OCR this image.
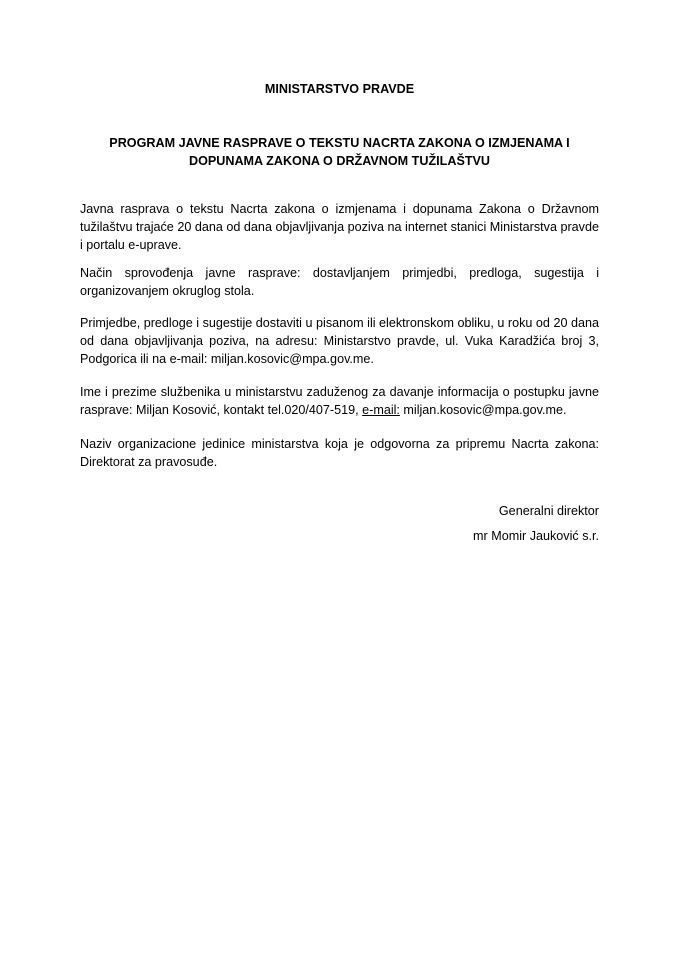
MINISTARSTVO PRAVDE
PROGRAM JAVNE RASPRAVE O TEKSTU NACRTA ZAKONA O IZMJENAMA I DOPUNAMA ZAKONA O DRŽAVNOM TUŽILAŠTVU

Javna rasprava o tekstu Nacrta zakona o izmjenama i dopunama Zakona o Državnom tužilaštvu trajaće 20 dana od dana objavljivanja poziva na internet stanici Ministarstva pravde i portalu e-uprave.

Način sprovođenja javne rasprave: dostavljanjem primjedbi, predloga, sugestija i organizovanjem okruglog stola.

Primjedbe, predloge i sugestije dostaviti u pisanom ili elektronskom obliku, u roku od 20 dana od dana objavljivanja poziva, na adresu: Ministarstvo pravde, ul. Vuka Karadžića broj 3, Podgorica ili na e-mail: miljan.kosovic@mpa.gov.me.

Ime i prezime službenika u ministarstvu zaduženog za davanje informacija o postupku javne rasprave: Miljan Kosović, kontakt tel.020/407-519, e-mail: miljan.kosovic@mpa.gov.me.

Naziv organizacione jedinice ministarstva koja je odgovorna za pripremu Nacrta zakona: Direktorat za pravosuđe.

Generalni direktor
mr Momir Jauković s.r.
